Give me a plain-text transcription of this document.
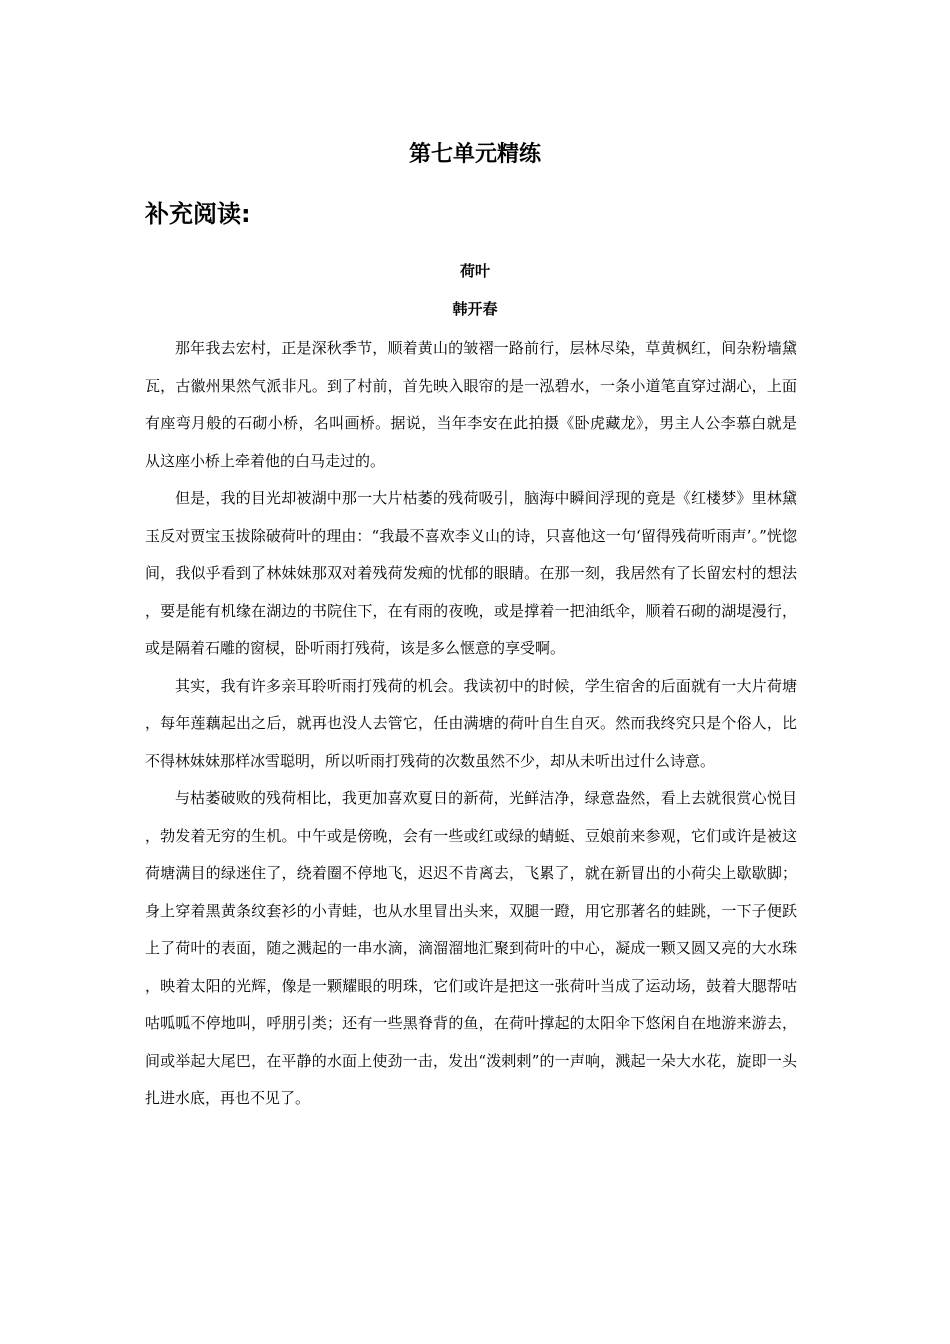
第七单元精练
补充阅读:
荷叶
韩开春

那年我去宏村，正是深秋季节，顺着黄山的皱褶一路前行，层林尽染，草黄枫红，间杂粉墙黛瓦，古徽州果然气派非凡。到了村前，首先映入眼帘的是一泓碧水，一条小道笔直穿过湖心，上面有座弯月般的石砌小桥，名叫画桥。据说，当年李安在此拍摄《卧虎藏龙》，男主人公李慕白就是从这座小桥上牵着他的白马走过的。

但是，我的目光却被湖中那一大片枯萎的残荷吸引，脑海中瞬间浮现的竟是《红楼梦》里林黛玉反对贾宝玉拔除破荷叶的理由：“我最不喜欢李义山的诗，只喜他这一句‘留得残荷听雨声’。”恍惚间，我似乎看到了林妹妹那双对着残荷发痴的忧郁的眼睛。在那一刻，我居然有了长留宏村的想法，要是能有机缘在湖边的书院住下，在有雨的夜晚，或是撑着一把油纸伞，顺着石砌的湖堤漫行，或是隔着石雕的窗棂，卧听雨打残荷，该是多么惬意的享受啊。

其实，我有许多亲耳聆听雨打残荷的机会。我读初中的时候，学生宿舍的后面就有一大片荷塘，每年莲藕起出之后，就再也没人去管它，任由满塘的荷叶自生自灭。然而我终究只是个俗人，比不得林妹妹那样冰雪聪明，所以听雨打残荷的次数虽然不少，却从未听出过什么诗意。

与枯萎破败的残荷相比，我更加喜欢夏日的新荷，光鲜洁净，绿意盎然，看上去就很赏心悦目，勃发着无穷的生机。中午或是傍晚，会有一些或红或绿的蜻蜓、豆娘前来参观，它们或许是被这荷塘满目的绿迷住了，绕着圈不停地飞，迟迟不肯离去，飞累了，就在新冒出的小荷尖上歇歇脚；身上穿着黑黄条纹套衫的小青蛙，也从水里冒出头来，双腿一蹬，用它那著名的蛙跳，一下子便跃上了荷叶的表面，随之溅起的一串水滴，滴溜溜地汇聚到荷叶的中心，凝成一颗又圆又亮的大水珠，映着太阳的光辉，像是一颗耀眼的明珠，它们或许是把这一张荷叶当成了运动场，鼓着大腮帮咕咕呱呱不停地叫，呼朋引类；还有一些黑脊背的鱼，在荷叶撑起的太阳伞下悠闲自在地游来游去，间或举起大尾巴，在平静的水面上使劲一击，发出“泼剌剌”的一声响，溅起一朵大水花，旋即一头扎进水底，再也不见了。
